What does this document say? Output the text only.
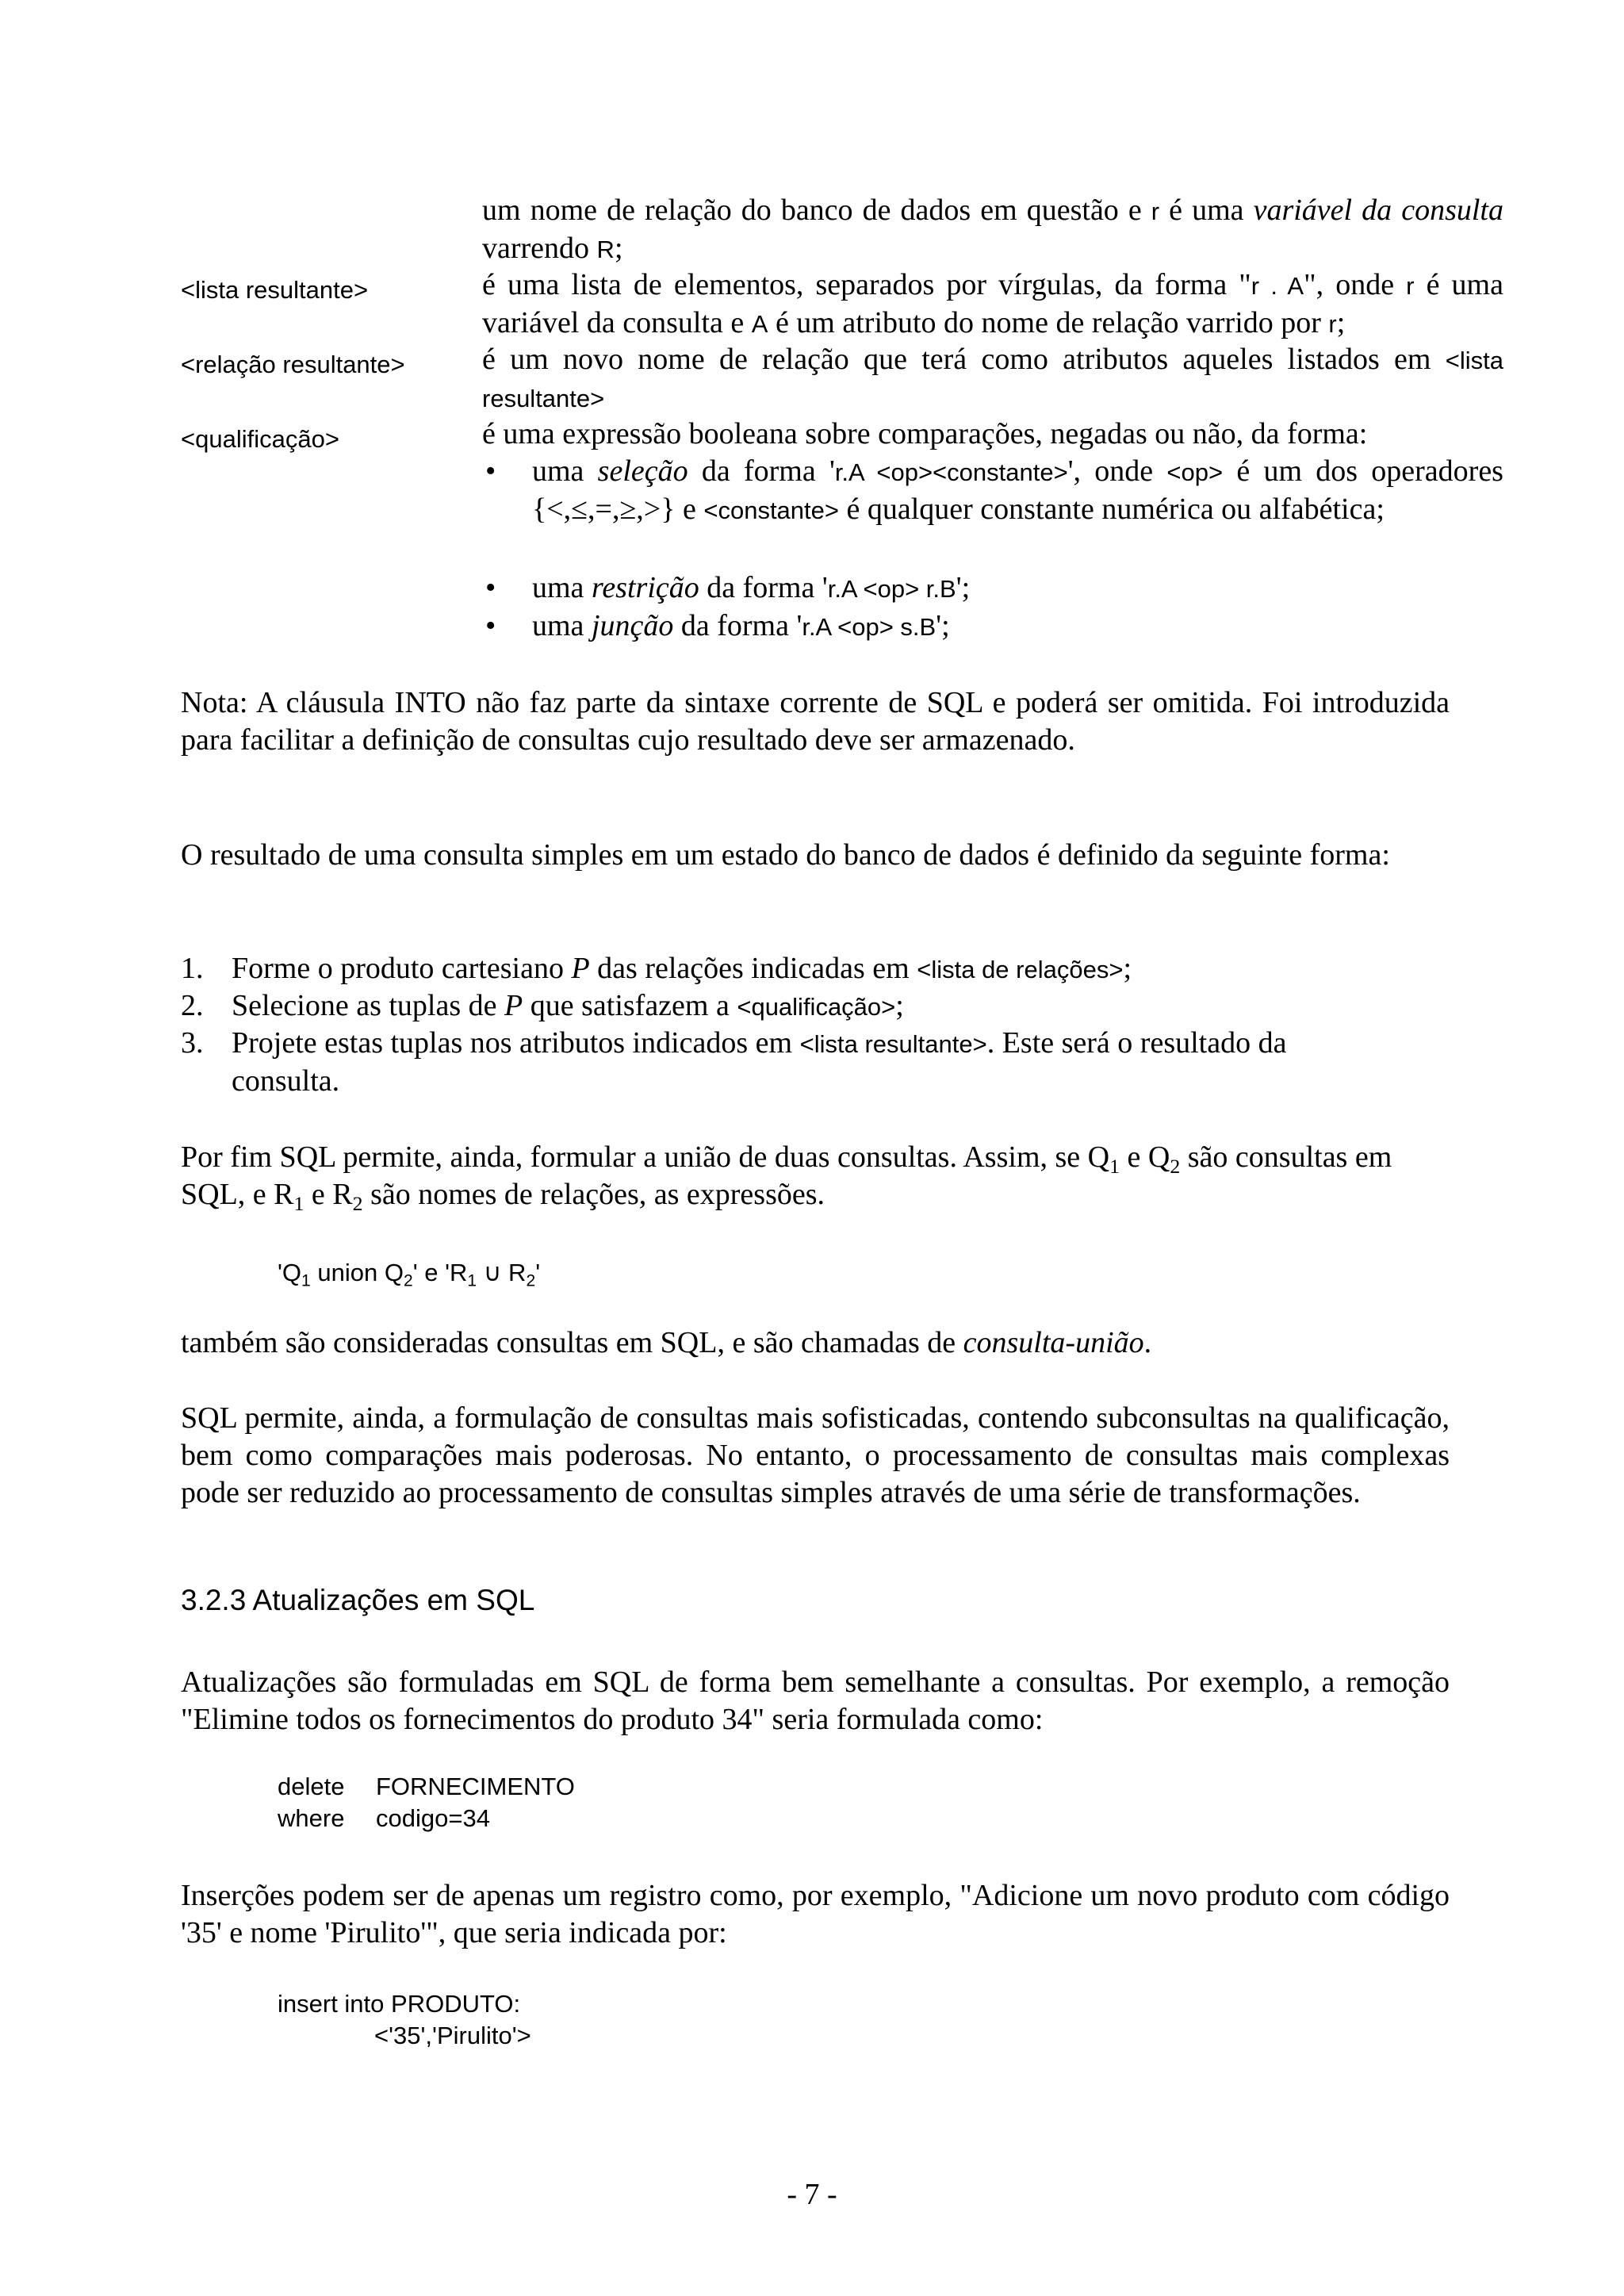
um nome de relação do banco de dados em questão e r é uma variável da consulta varrendo R;
<lista resultante>	é uma lista de elementos, separados por vírgulas, da forma "r . A", onde r é uma variável da consulta e A é um atributo do nome de relação varrido por r;
<relação resultante>	é um novo nome de relação que terá como atributos aqueles listados em <lista resultante>
<qualificação>	é uma expressão booleana sobre comparações, negadas ou não, da forma:
•	uma seleção da forma 'r.A <op><constante>', onde <op> é um dos operadores {<,≤,=,≥,>} e <constante> é qualquer constante numérica ou alfabética;
•	uma restrição da forma 'r.A <op> r.B';
•	uma junção da forma 'r.A <op> s.B';
Nota: A cláusula INTO não faz parte da sintaxe corrente de SQL e poderá ser omitida. Foi introduzida para facilitar a definição de consultas cujo resultado deve ser armazenado.
O resultado de uma consulta simples em um estado do banco de dados é definido da seguinte forma:
1. Forme o produto cartesiano P das relações indicadas em <lista de relações>;
2. Selecione as tuplas de P que satisfazem a <qualificação>;
3. Projete estas tuplas nos atributos indicados em <lista resultante>. Este será o resultado da consulta.
Por fim SQL permite, ainda, formular a união de duas consultas. Assim, se $Q_1$ e $Q_2$ são consultas em SQL, e $R_1$ e $R_2$ são nomes de relações, as expressões.
'$Q_1$ union $Q_2'$ e '$R_1$ ∪ $R_2'$
também são consideradas consultas em SQL, e são chamadas de consulta-união.
SQL permite, ainda, a formulação de consultas mais sofisticadas, contendo subconsultas na qualificação, bem como comparações mais poderosas. No entanto, o processamento de consultas mais complexas pode ser reduzido ao processamento de consultas simples através de uma série de transformações.
3.2.3 Atualizações em SQL
Atualizações são formuladas em SQL de forma bem semelhante a consultas. Por exemplo, a remoção "Elimine todos os fornecimentos do produto 34" seria formulada como:
delete FORNECIMENTO
where codigo=34
Inserções podem ser de apenas um registro como, por exemplo, "Adicione um novo produto com código '35' e nome 'Pirulito'", que seria indicada por:
insert into PRODUTO:
<'35','Pirulito'>
- 7 -
